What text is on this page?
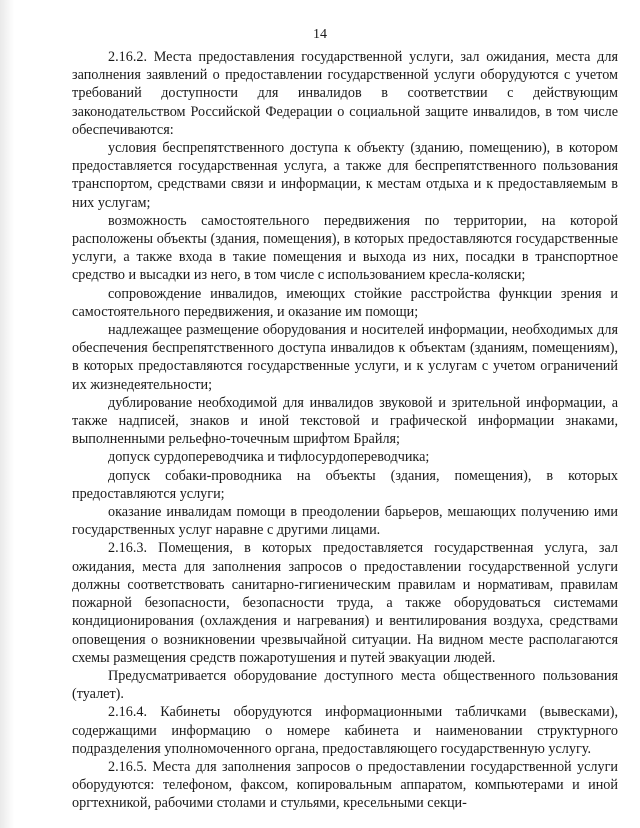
14

2.16.2. Места предоставления государственной услуги, зал ожидания, места для заполнения заявлений о предоставлении государственной услуги оборудуются с учетом требований доступности для инвалидов в соответствии с действующим законодательством Российской Федерации о социальной защите инвалидов, в том числе обеспечиваются:

условия беспрепятственного доступа к объекту (зданию, помещению), в котором предоставляется государственная услуга, а также для беспрепятственного пользования транспортом, средствами связи и информации, к местам отдыха и к предоставляемым в них услугам;

возможность самостоятельного передвижения по территории, на которой расположены объекты (здания, помещения), в которых предоставляются государственные услуги, а также входа в такие помещения и выхода из них, посадки в транспортное средство и высадки из него, в том числе с использованием кресла-коляски;

сопровождение инвалидов, имеющих стойкие расстройства функции зрения и самостоятельного передвижения, и оказание им помощи;

надлежащее размещение оборудования и носителей информации, необходимых для обеспечения беспрепятственного доступа инвалидов к объектам (зданиям, помещениям), в которых предоставляются государственные услуги, и к услугам с учетом ограничений их жизнедеятельности;

дублирование необходимой для инвалидов звуковой и зрительной информации, а также надписей, знаков и иной текстовой и графической информации знаками, выполненными рельефно-точечным шрифтом Брайля;

допуск сурдопереводчика и тифлосурдопереводчика;

допуск собаки-проводника на объекты (здания, помещения), в которых предоставляются услуги;

оказание инвалидам помощи в преодолении барьеров, мешающих получению ими государственных услуг наравне с другими лицами.

2.16.3. Помещения, в которых предоставляется государственная услуга, зал ожидания, места для заполнения запросов о предоставлении государственной услуги должны соответствовать санитарно-гигиеническим правилам и нормативам, правилам пожарной безопасности, безопасности труда, а также оборудоваться системами кондиционирования (охлаждения и нагревания) и вентилирования воздуха, средствами оповещения о возникновении чрезвычайной ситуации. На видном месте располагаются схемы размещения средств пожаротушения и путей эвакуации людей.

Предусматривается оборудование доступного места общественного пользования (туалет).

2.16.4. Кабинеты оборудуются информационными табличками (вывесками), содержащими информацию о номере кабинета и наименовании структурного подразделения уполномоченного органа, предоставляющего государственную услугу.

2.16.5. Места для заполнения запросов о предоставлении государственной услуги оборудуются: телефоном, факсом, копировальным аппаратом, компьютерами и иной оргтехникой, рабочими столами и стульями, кресельными секци-
